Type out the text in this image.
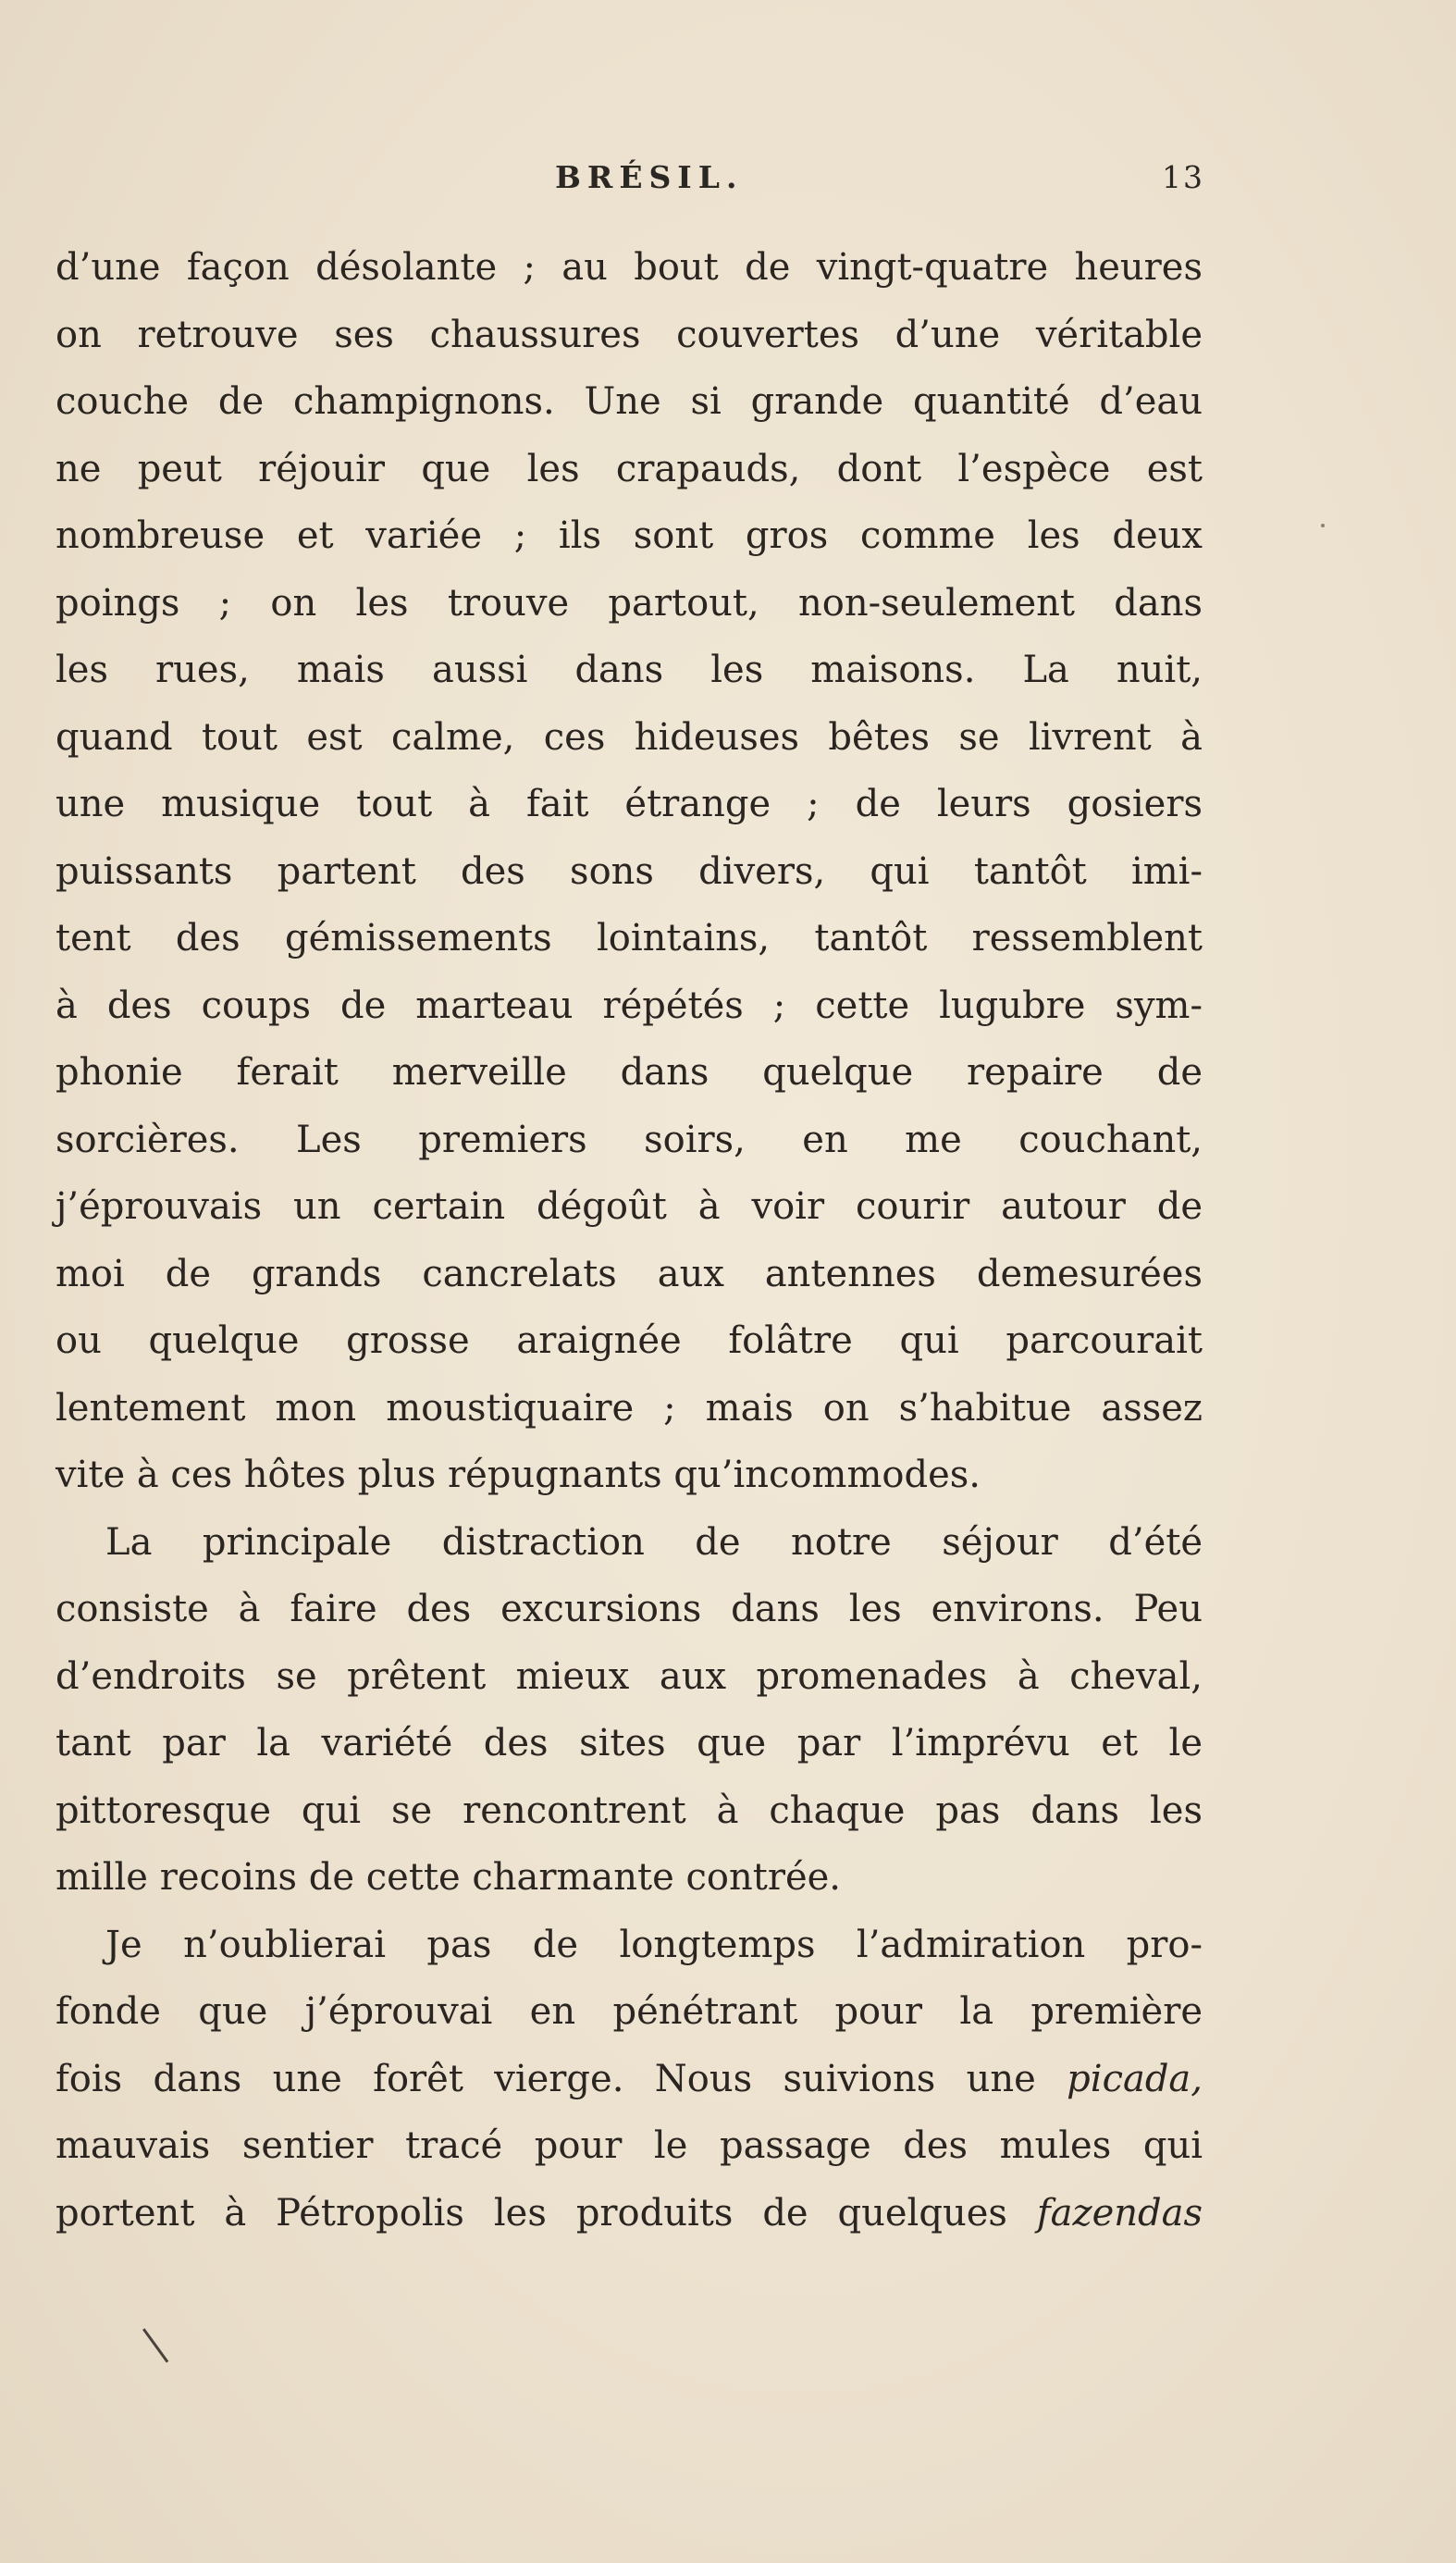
BRÉSIL.	13
d’une façon désolante ; au bout de vingt-quatre heures
on retrouve ses chaussures couvertes d’une véritable
couche de champignons. Une si grande quantité d’eau
ne peut réjouir que les crapauds, dont l’espèce est
nombreuse et variée ; ils sont gros comme les deux
poings ; on les trouve partout, non-seulement dans
les rues, mais aussi dans les maisons. La nuit,
quand tout est calme, ces hideuses bêtes se livrent à
une musique tout à fait étrange ; de leurs gosiers
puissants partent des sons divers, qui tantôt imi-
tent des gémissements lointains, tantôt ressemblent
à des coups de marteau répétés ; cette lugubre sym-
phonie ferait merveille dans quelque repaire de
sorcières. Les premiers soirs, en me couchant,
j’éprouvais un certain dégoût à voir courir autour de
moi de grands cancrelats aux antennes demesurées
ou quelque grosse araignée folâtre qui parcourait
lentement mon moustiquaire ; mais on s’habitue assez
vite à ces hôtes plus répugnants qu’incommodes.
La principale distraction de notre séjour d’été
consiste à faire des excursions dans les environs. Peu
d’endroits se prêtent mieux aux promenades à cheval,
tant par la variété des sites que par l’imprévu et le
pittoresque qui se rencontrent à chaque pas dans les
mille recoins de cette charmante contrée.
Je n’oublierai pas de longtemps l’admiration pro-
fonde que j’éprouvai en pénétrant pour la première
fois dans une forêt vierge. Nous suivions une picada,
mauvais sentier tracé pour le passage des mules qui
portent à Pétropolis les produits de quelques fazendas
